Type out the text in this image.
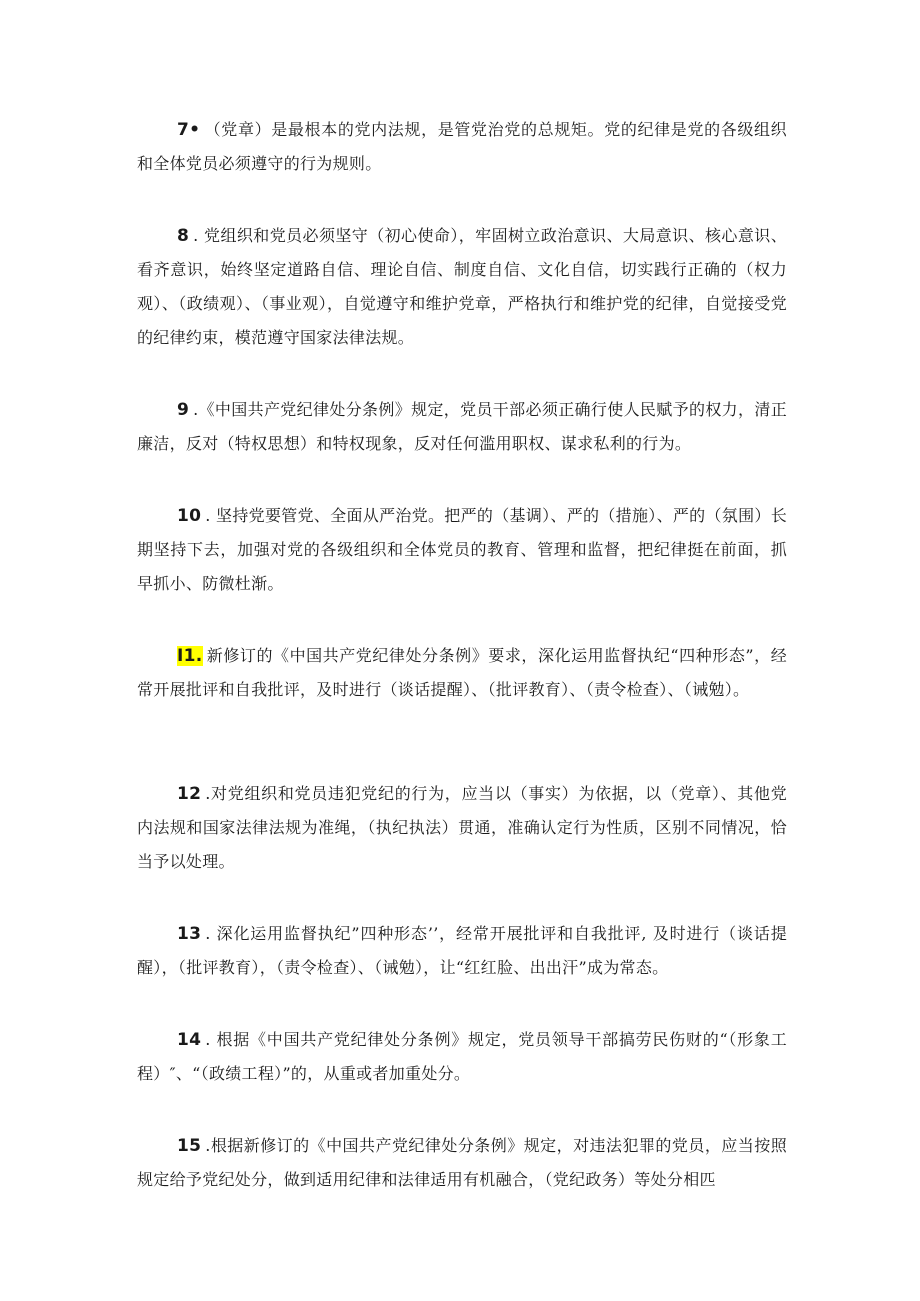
7• （党章）是最根本的党内法规，是管党治党的总规矩。党的纪律是党的各级组织和全体党员必须遵守的行为规则。

8 . 党组织和党员必须坚守（初心使命），牢固树立政治意识、大局意识、核心意识、看齐意识，始终坚定道路自信、理论自信、制度自信、文化自信，切实践行正确的（权力观）、（政绩观）、（事业观），自觉遵守和维护党章，严格执行和维护党的纪律，自觉接受党的纪律约束，模范遵守国家法律法规。

9 .《中国共产党纪律处分条例》规定，党员干部必须正确行使人民赋予的权力，清正廉洁，反对（特权思想）和特权现象，反对任何滥用职权、谋求私利的行为。

10 . 坚持党要管党、全面从严治党。把严的（基调）、严的（措施）、严的（氛围）长期坚持下去，加强对党的各级组织和全体党员的教育、管理和监督，把纪律挺在前面，抓早抓小、防微杜渐。

I1. 新修订的《中国共产党纪律处分条例》要求，深化运用监督执纪“四种形态”，经常开展批评和自我批评，及时进行（谈话提醒）、（批评教育）、（责令检查）、（诫勉）。

12 .对党组织和党员违犯党纪的行为，应当以（事实）为依据，以（党章）、其他党内法规和国家法律法规为准绳，（执纪执法）贯通，准确认定行为性质，区别不同情况，恰当予以处理。

13 . 深化运用监督执纪”四种形态’’，经常开展批评和自我批评, 及时进行（谈话提醒），（批评教育），（责令检查）、（诫勉），让“红红脸、出出汗”成为常态。

14 . 根据《中国共产党纪律处分条例》规定，党员领导干部搞劳民伤财的“（形象工程）″、“（政绩工程）”的，从重或者加重处分。

15 .根据新修订的《中国共产党纪律处分条例》规定，对违法犯罪的党员，应当按照规定给予党纪处分，做到适用纪律和法律适用有机融合，（党纪政务）等处分相匹
